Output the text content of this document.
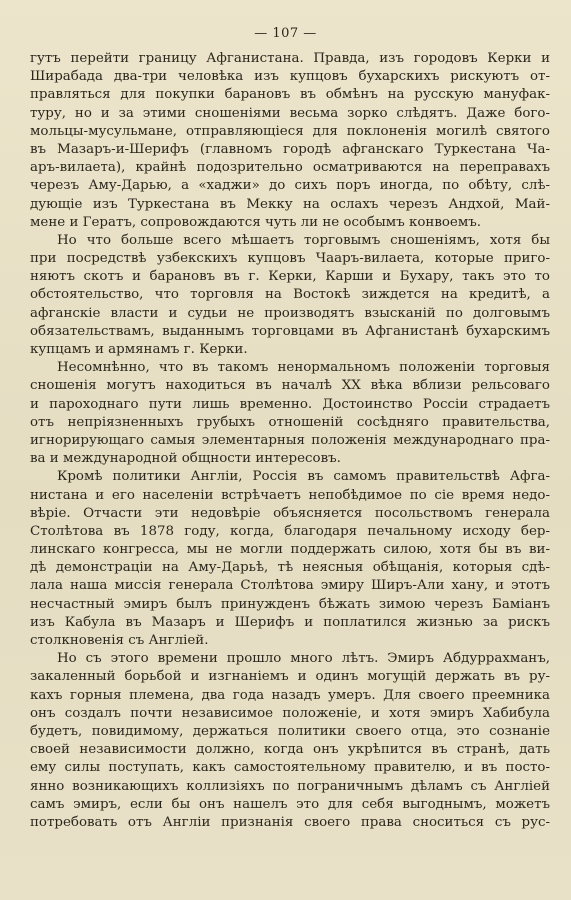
— 107 —
гутъ перейти границу Афганистана. Правда, изъ городовъ Керки и
Ширабада два-три человѣка изъ купцовъ бухарскихъ рискуютъ от-
правляться для покупки барановъ въ обмѣнъ на русскую мануфак-
туру, но и за этими сношеніями весьма зорко слѣдятъ. Даже бого-
мольцы-мусульмане, отправляющіеся для поклоненія могилѣ святого
въ Мазаръ-и-Шерифъ (главномъ городѣ афганскаго Туркестана Ча-
аръ-вилаета), крайнѣ подозрительно осматриваются на переправахъ
черезъ Аму-Дарью, а «хаджи» до сихъ поръ иногда, по обѣту, слѣ-
дующіе изъ Туркестана въ Мекку на ослахъ черезъ Андхой, Май-
мене и Гератъ, сопровождаются чуть ли не особымъ конвоемъ.
Но что больше всего мѣшаетъ торговымъ сношеніямъ, хотя бы
при посредствѣ узбекскихъ купцовъ Чааръ-вилаета, которые приго-
няютъ скотъ и барановъ въ г. Керки, Карши и Бухару, такъ это то
обстоятельство, что торговля на Востокѣ зиждется на кредитѣ, а
афганскіе власти и судьи не производятъ взысканій по долговымъ
обязательствамъ, выданнымъ торговцами въ Афганистанѣ бухарскимъ
купцамъ и армянамъ г. Керки.
Несомнѣнно, что въ такомъ ненормальномъ положеніи торговыя
сношенія могутъ находиться въ началѣ XX вѣка вблизи рельсоваго
и пароходнаго пути лишь временно. Достоинство Россіи страдаетъ
отъ непріязненныхъ грубыхъ отношеній сосѣдняго правительства,
игнорирующаго самыя элементарныя положенія международнаго пра-
ва и международной общности интересовъ.
Кромѣ политики Англіи, Россія въ самомъ правительствѣ Афга-
нистана и его населеніи встрѣчаетъ непобѣдимое по сіе время недо-
вѣріе. Отчасти эти недовѣріе объясняется посольствомъ генерала
Столѣтова въ 1878 году, когда, благодаря печальному исходу бер-
линскаго конгресса, мы не могли поддержать силою, хотя бы въ ви-
дѣ демонстраціи на Аму-Дарьѣ, тѣ неясныя обѣщанія, которыя сдѣ-
лала наша миссія генерала Столѣтова эмиру Ширъ-Али хану, и этотъ
несчастный эмиръ былъ принужденъ бѣжать зимою черезъ Баміанъ
изъ Кабула въ Мазаръ и Шерифъ и поплатился жизнью за рискъ
столкновенія съ Англіей.
Но съ этого времени прошло много лѣтъ. Эмиръ Абдуррахманъ,
закаленный борьбой и изгнаніемъ и одинъ могущій держать въ ру-
кахъ горныя племена, два года назадъ умеръ. Для своего преемника
онъ создалъ почти независимое положеніе, и хотя эмиръ Хабибула
будетъ, повидимому, держаться политики своего отца, это сознаніе
своей независимости должно, когда онъ укрѣпится въ странѣ, дать
ему силы поступать, какъ самостоятельному правителю, и въ посто-
янно возникающихъ коллизіяхъ по пограничнымъ дѣламъ съ Англіей
самъ эмиръ, если бы онъ нашелъ это для себя выгоднымъ, можетъ
потребовать отъ Англіи признанія своего права сноситься съ рус-
